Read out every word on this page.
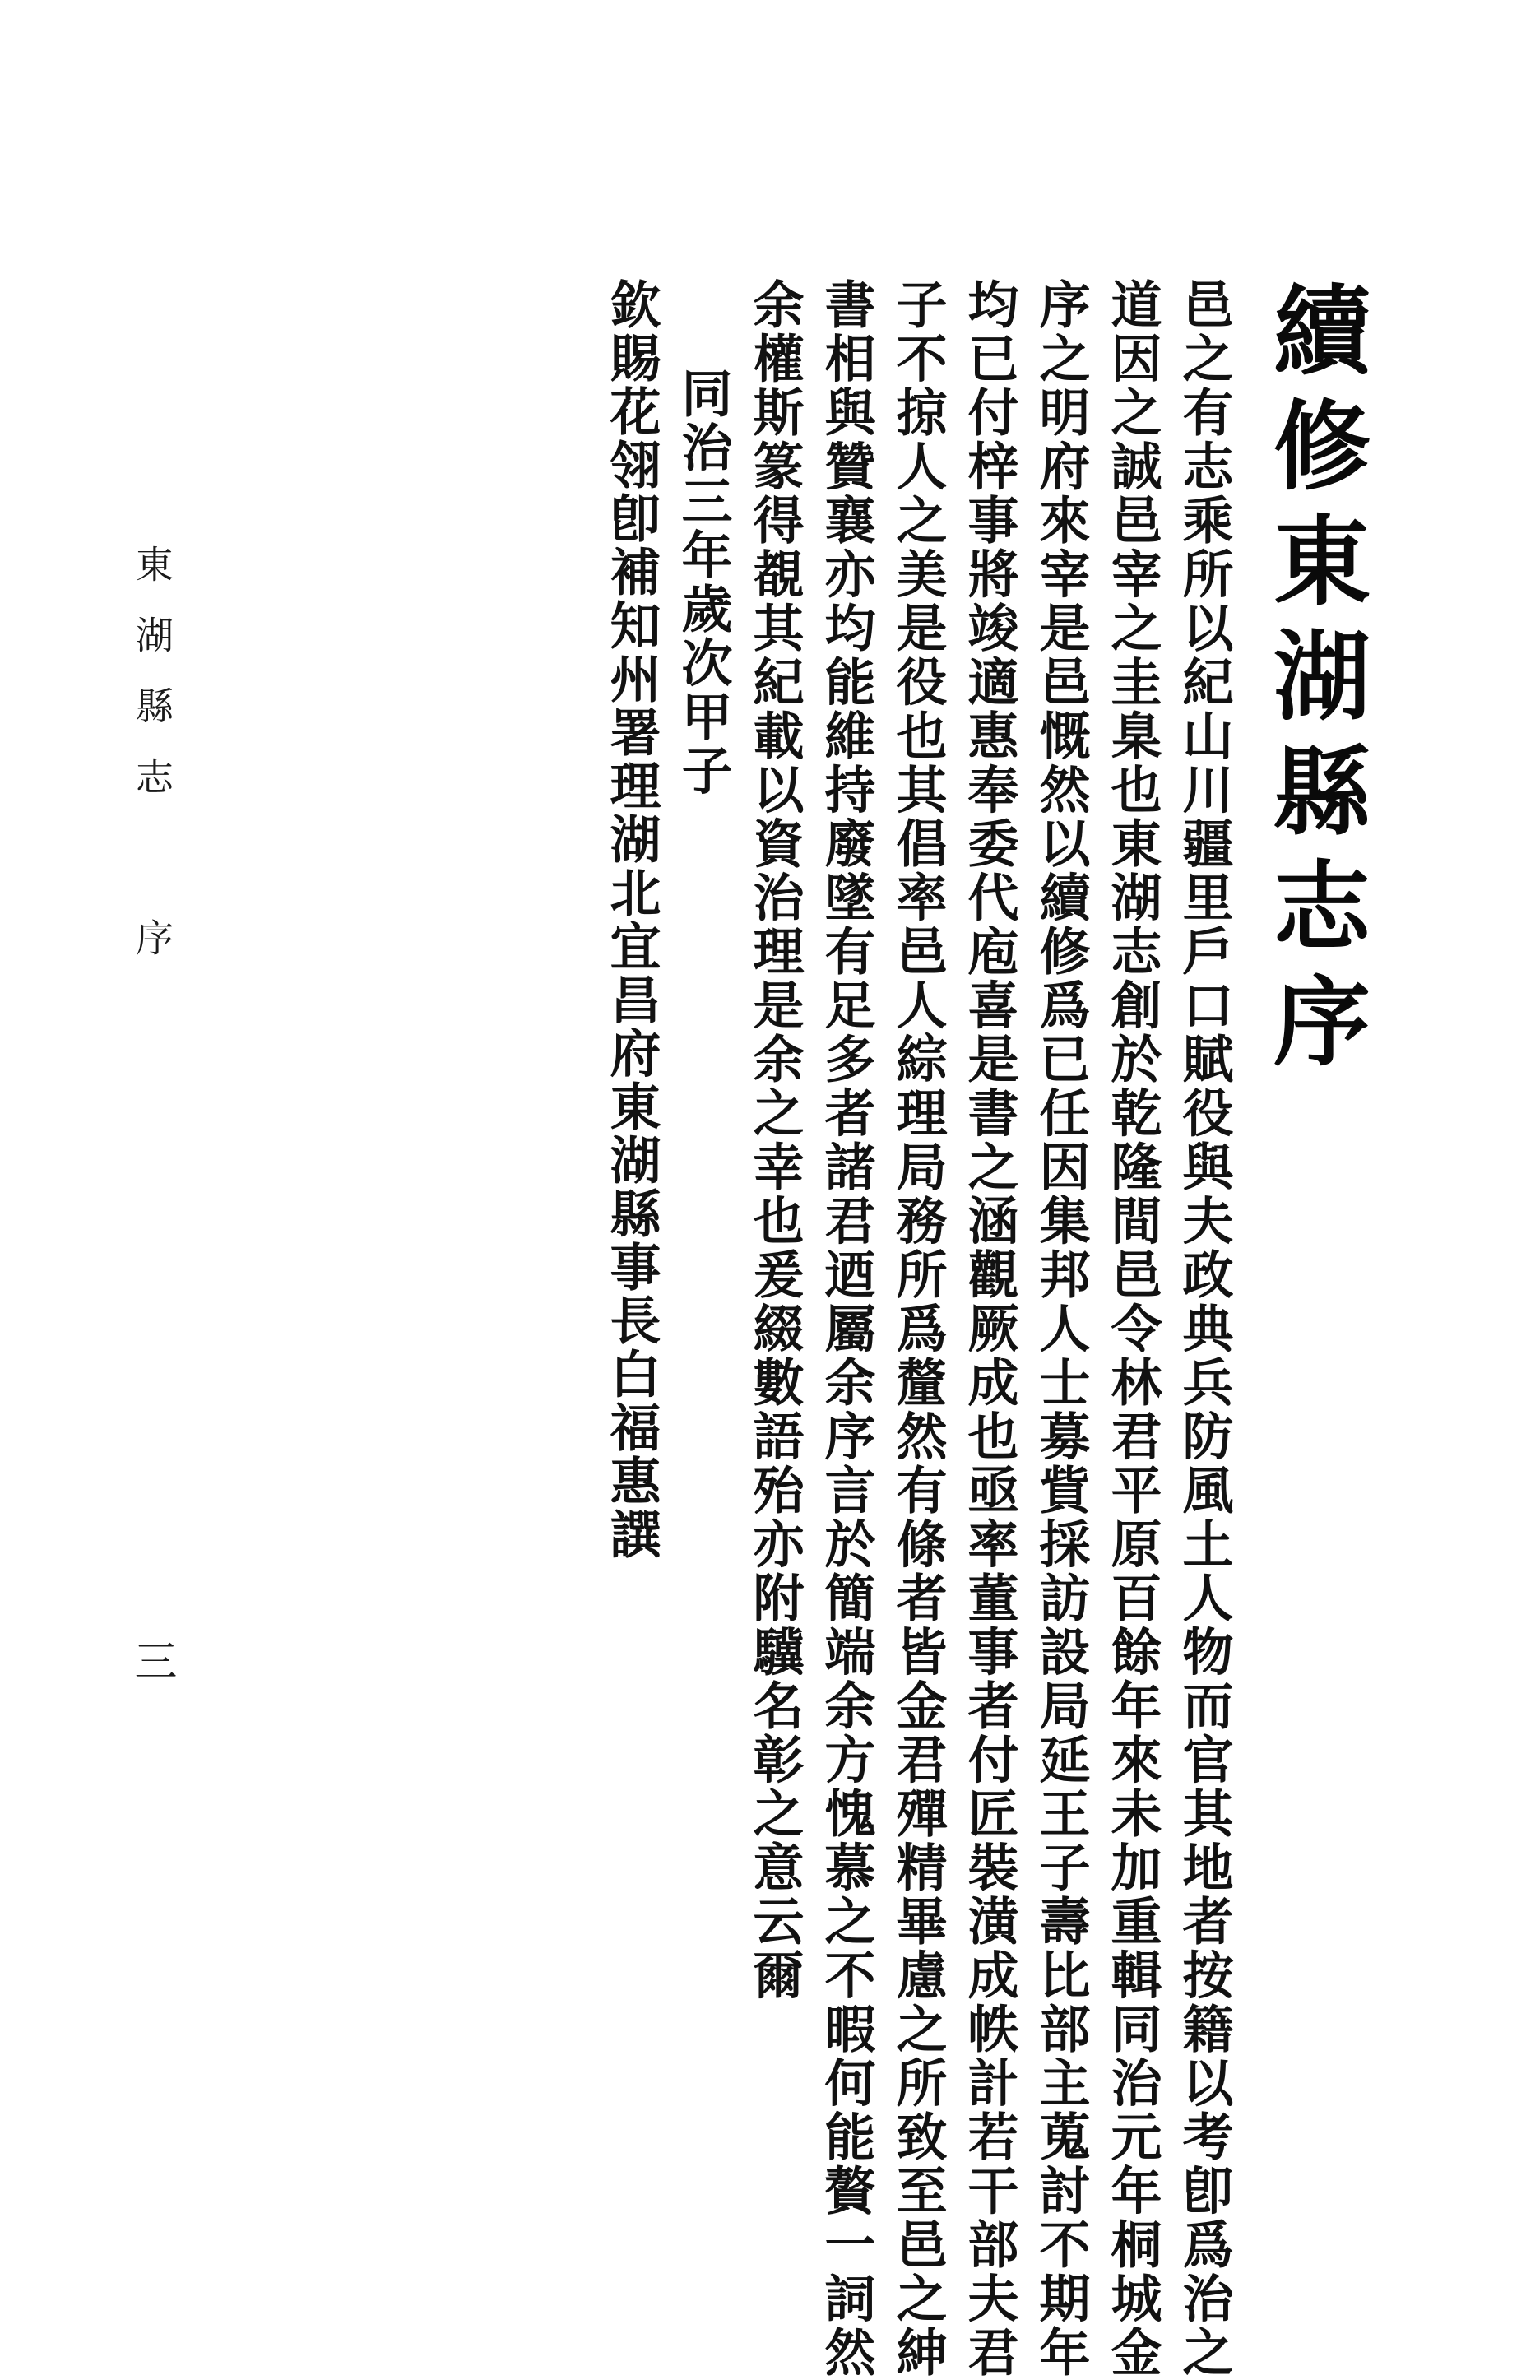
續修東湖縣志序
邑之有志乘所以紀山川疆里戶口賦役與夫政典兵防風土人物而官其地者按籍以考卽爲治之
道因之誠邑宰之圭臬也東湖志創於乾隆間邑令林君平原百餘年來未加重輯同治元年桐城金
序之明府來宰是邑慨然以續修爲已任因集邦人士募貲採訪設局延王子壽比部主蒐討不期年
均已付梓事將竣適惠奉委代庖喜是書之涵觀厥成也亟率董事者付匠裝潢成帙計若干部夫君
子不掠人之美是役也其倡率邑人綜理局務所爲釐然有條者皆金君殫精畢慮之所致至邑之紳
書相與贊襄亦均能維持廢墜有足多者諸君迺屬余序言於簡端余方愧慕之不暇何能贅一詞然
余權斯篆得覩其紀載以資治理是余之幸也爰綴數語殆亦附驥名彰之意云爾
同治三年歲次甲子
欽賜花翎卽補知州署理湖北宜昌府東湖縣事長白福惠譔
東湖縣志
序
三
